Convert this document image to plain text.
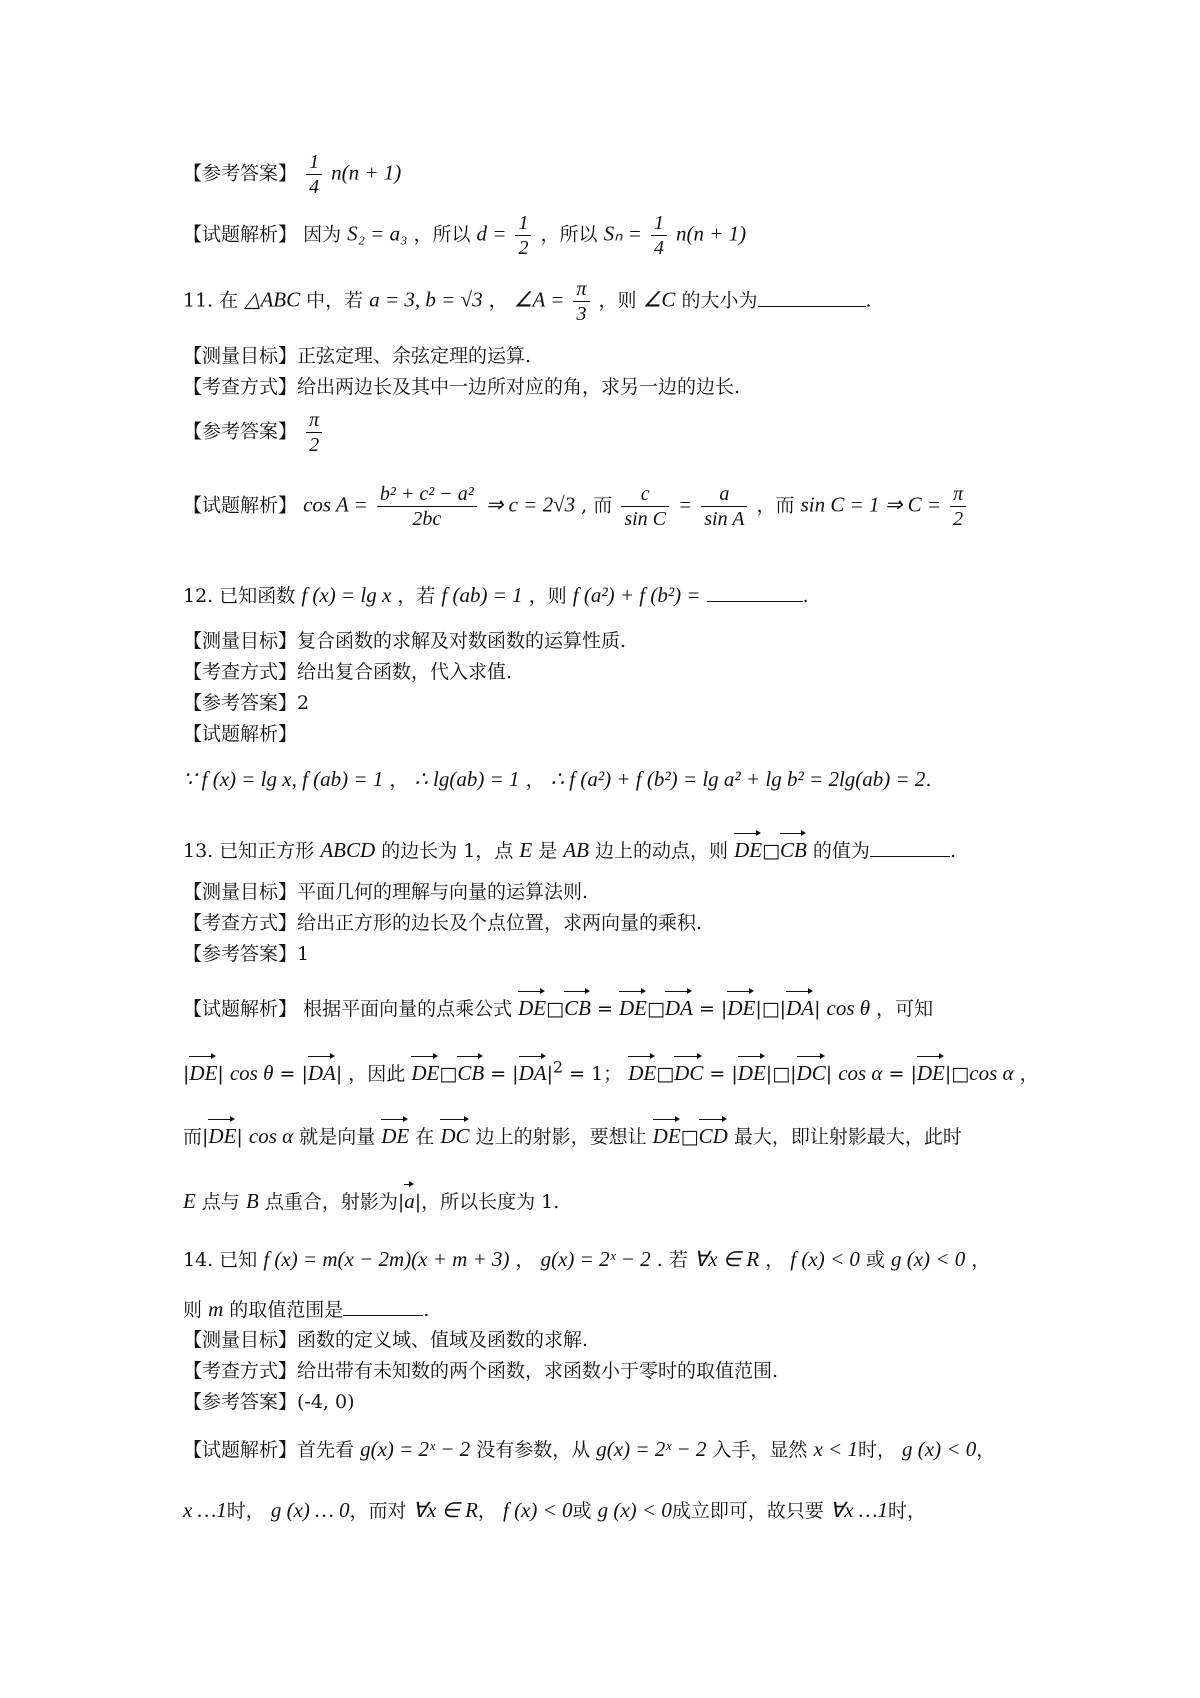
【参考答案】 $\frac{1}{4} n(n + 1)$
【试题解析】 因为 S₂ = a₃ ，所以 $d = \frac{1}{2}$ ，所以 $S_n = \frac{1}{4} n(n + 1)$
11. 在 △ABC 中，若 a = 3, b = √3 ， ∠A = $\frac{\pi}{3}$ ，则 ∠C 的大小为	.
【测量目标】正弦定理、余弦定理的运算.
【考查方式】给出两边长及其中一边所对应的角，求另一边的边长.
【参考答案】 $\frac{\pi}{2}$
【试题解析】 $\cos A = \frac{\text{b² + c² − a²}}{2bc}$ ⇒ c = 2√3 , 而 $\frac{c}{\text{sin C}} = \frac{a}{\text{sin A}}$ ，而 sin C = 1 ⇒ $C = \frac{\pi}{2}$
12. 已知函数 f (x) = lg x ，若 f (ab) = 1 ，则 f (a²) + f (b²) =	.
【测量目标】复合函数的求解及对数函数的运算性质.
【考查方式】给出复合函数，代入求值.
【参考答案】2
【试题解析】
∵ f (x) = lg x, f (ab) = 1 ， ∴ lg(ab) = 1 ， ∴ f (a²) + f (b²) = lg a² + lg b² = 2lg(ab) = 2.
13. 已知正方形 ABCD 的边长为 1，点 E 是 AB 边上的动点，则 DE□CB 的值为	.
【测量目标】平面几何的理解与向量的运算法则.
【考查方式】给出正方形的边长及个点位置，求两向量的乘积.
【参考答案】1
【试题解析】 根据平面向量的点乘公式 DE□CB = DE□DA = |DE|□|DA| cos θ ，可知
|DE| cos θ = |DA| ，因此 DE□CB = $|DA|^2 = 1$； DE□DC = |DE|□|DC| cos α = |DE|□cos α ，
而|DE| cos α 就是向量 DE 在 DC 边上的射影，要想让 DE□CD 最大，即让射影最大，此时
E 点与 B 点重合，射影为|a|，所以长度为 1.
14. 已知 f (x) = m(x − 2m)(x + m + 3) ， g(x) = 2ˣ − 2 . 若 ∀x ∈ R ， f (x) < 0 或 g (x) < 0 ，
则 m 的取值范围是	.
【测量目标】函数的定义域、值域及函数的求解.
【考查方式】给出带有未知数的两个函数，求函数小于零时的取值范围.
【参考答案】(-4, 0)
【试题解析】首先看 g(x) = 2ˣ − 2 没有参数，从 g(x) = 2ˣ − 2 入手，显然 x < 1时， g (x) < 0，
x …1时， g (x) … 0，而对 ∀x ∈ R， f (x) < 0或 g (x) < 0成立即可，故只要 ∀x …1时，
